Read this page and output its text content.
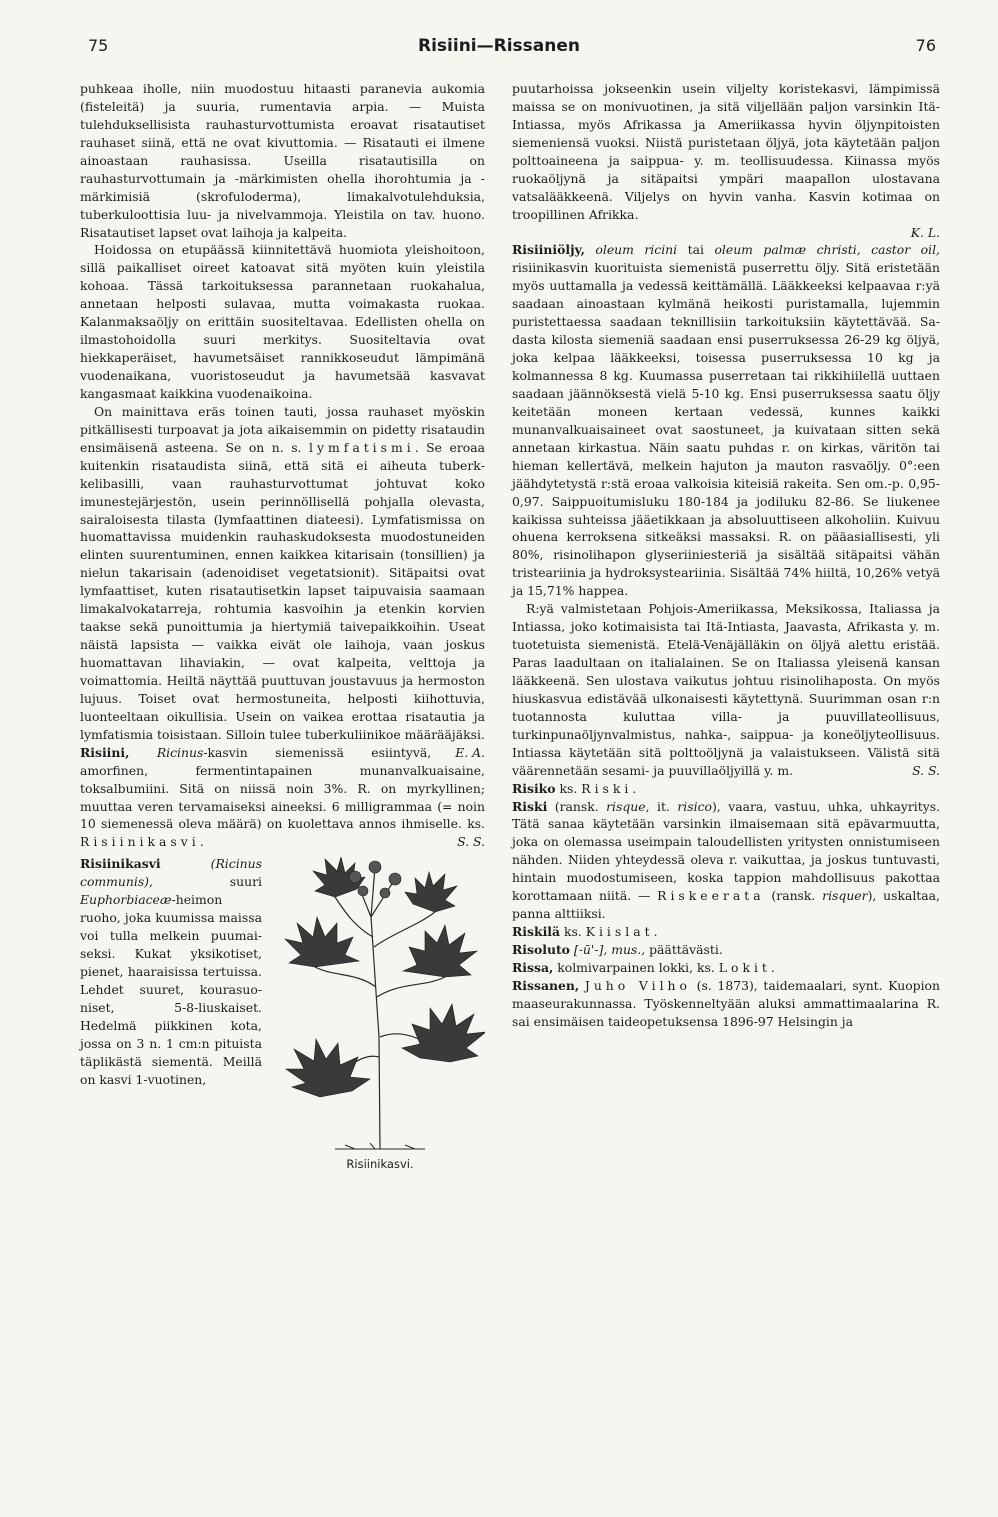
75	Risiini—Rissanen	76

puhkeaa iholle, niin muodostuu hitaasti paranevia aukomia (fisteleitä) ja suuria, rumentavia arpia. — Muista tulehduksellisista rauhasturvottumista eroavat risatautiset rauhaset siinä, että ne ovat kivuttomia. — Risatauti ei ilmene ainoastaan rauhasissa. Useilla risatautisilla on rauhasturvottumain ja -märkimisten ohella ihorohtumia ja -märkimisiä (skrofuloderma), limakalvotulehduksia, tuberkuloottisia luu- ja nivelvammoja. Yleistila on tav. huono. Risatautiset lapset ovat laihoja ja kalpeita.

Hoidossa on etupäässä kiinnitettävä huomiota yleishoitoon, sillä paikalliset oireet katoavat sitä myöten kuin yleistila kohoaa. Tässä tarkoituksessa parannetaan ruokahalua, annetaan helposti sulavaa, mutta voimakasta ruokaa. Kalanmaksaöljy on erittäin suositeltavaa. Edellisten ohella on ilmastohoidolla suuri merkitys. Suositeltavia ovat hiekkaperäiset, havumetsäiset rannikkoseudut lämpimänä vuodenaikana, vuoristoseudut ja havumetsää kasvavat kangasmaat kaikkina vuodenaikoina.

On mainittava eräs toinen tauti, jossa rauhaset myöskin pitkällisesti turpoavat ja jota aikaisemmin on pidetty risataudin ensimäisenä asteena. Se on n. s. lymfatismi. Se eroaa kuitenkin risataudista siinä, että sitä ei aiheuta tuberkkelibasilli, vaan rauhasturvottumat johtuvat koko imunestejärjestön, usein perinnöllisellä pohjalla olevasta, sairaloisesta tilasta (lymfaattinen diateesi). Lymfatismissa on huomattavissa muidenkin rauhaskudoksesta muodostuneiden elinten suurentuminen, ennen kaikkea kitarisain (tonsillien) ja nielun takarisain (adenoidiset vegetatsionit). Sitäpaitsi ovat lymfaattiset, kuten risatautisetkin lapset taipuvaisia saamaan limakalvokatarreja, rohtumia kasvoihin ja etenkin korvien taakse sekä punoittumia ja hiertymiä taivepaikkoihin. Useat näistä lapsista — vaikka eivät ole laihoja, vaan joskus huomattavan lihaviakin, — ovat kalpeita, velttoja ja voimattomia. Heiltä näyttää puuttuvan joustavuus ja hermoston lujuus. Toiset ovat hermostuneita, helposti kiihottuvia, luonteeltaan oikullisia. Usein on vaikea erottaa risatautia ja lymfatismia toisistaan. Silloin tulee tuberkuliinikoe määrääjäksi.
E. A.

Risiini, Ricinus-kasvin siemenissä esiintyvä, amorfinen, fermentintapainen munanvalkuaisaine, toksalbumiini. Sitä on niissä noin 3%. R. on myrkyllinen; muuttaa veren tervamaiseksi aineeksi. 6 milligrammaa (= noin 10 siemenessä oleva määrä) on kuolettava annos ihmiselle. ks. Risiinikasvi.	S. S.

Risiinikasvi	(Ricinus communis), suuri Euphorbiaceæ-heimon ruoho, joka kuumissa maissa voi tulla melkein puumaiseksi. Kukat yksikotiset, pienet, haaraisissa tertuissa. Lehdet suuret, kourasuoniset, 5-8-liuskaiset. Hedelmä piikkinen kota, jossa on 3 n. 1 cm:n pituista täplikästä siementä. Meillä on kasvi 1-vuotinen,
Risiinikasvi.

puutarhoissa jokseenkin usein viljelty koristekasvi, lämpimissä maissa se on monivuotinen, ja sitä viljellään paljon varsinkin Itä-Intiassa, myös Afrikassa ja Ameriikassa hyvin öljynpitoisten siemeniensä vuoksi. Niistä puristetaan öljyä, jota käytetään paljon polttoaineena ja saippua- y. m. teollisuudessa. Kiinassa myös ruokaöljynä ja sitäpaitsi ympäri maapallon ulostavana vatsalääkkeenä. Viljelys on hyvin vanha. Kasvin kotimaa on troopillinen Afrikka.

K. L.

Risiiniöljy, oleum ricini tai oleum palmæ christi, castor oil, risiinikasvin kuorituista siemenistä puserrettu öljy. Sitä eristetään myös uuttamalla ja vedessä keittämällä. Lääkkeeksi kelpaavaa r:yä saadaan ainoastaan kylmänä heikosti puristamalla, lujemmin puristettaessa saadaan teknillisiin tarkoituksiin käytettävää. Sadasta kilosta siemeniä saadaan ensi puserruksessa 26-29 kg öljyä, joka kelpaa lääkkeeksi, toisessa puserruksessa 10 kg ja kolmannessa 8 kg. Kuumassa puserretaan tai rikkihiilellä uuttaen saadaan jäännöksestä vielä 5-10 kg. Ensi puserruksessa saatu öljy keitetään moneen kertaan vedessä, kunnes kaikki munanvalkuaisaineet ovat saostuneet, ja kuivataan sitten sekä annetaan kirkastua. Näin saatu puhdas r. on kirkas, väritön tai hieman kellertävä, melkein hajuton ja mauton rasvaöljy. 0°:een jäähdytetystä r:stä eroaa valkoisia kiteisiä rakeita. Sen om.-p. 0,95-0,97. Saippuoitumisluku 180-184 ja jodiluku 82-86. Se liukenee kaikissa suhteissa jääetikkaan ja absoluuttiseen alkoholiin. Kuivuu ohuena kerroksena sitkeäksi massaksi. R. on pääasiallisesti, yli 80%, risinolihapon glyseriiniesteriä ja sisältää sitäpaitsi vähän tristeariinia ja hydroksysteariinia. Sisältää 74% hiiltä, 10,26% vetyä ja 15,71% happea.

R:yä valmistetaan Pohjois-Ameriikassa, Meksikossa, Italiassa ja Intiassa, joko kotimaisista tai Itä-Intiasta, Jaavasta, Afrikasta y. m. tuotetuista siemenistä. Etelä-Venäjälläkin on öljyä alettu eristää. Paras laadultaan on italialainen. Se on Italiassa yleisenä kansan lääkkeenä. Sen ulostava vaikutus johtuu risinolihaposta. On myös hiuskasvua edistävää ulkonaisesti käytettynä. Suurimman osan r:n tuotannosta kuluttaa villa- ja puuvillateollisuus, turkinpunaöljynvalmistus, nahka-, saippua- ja koneöljyteollisuus. Intiassa käytetään sitä polttoöljynä ja valaistukseen. Välistä sitä väärennetään sesami- ja puuvillaöljyillä y. m.	S. S.

Risiko ks. Riski.

Riski (ransk. risque, it. risico), vaara, vastuu, uhka, uhkayritys. Tätä sanaa käytetään varsinkin ilmaisemaan sitä epävarmuutta, joka on olemassa useimpain taloudellisten yritysten onnistumiseen nähden. Niiden yhteydessä oleva r. vaikuttaa, ja joskus tuntuvasti, hintain muodostumiseen, koska tappion mahdollisuus pakottaa korottamaan niitä. — Riskeerata (ransk. risquer), uskaltaa, panna alttiiksi.

Riskilä ks. Kiislat.

Risoluto [-ū'-], mus., päättävästi.

Rissa, kolmivarpainen lokki, ks. Lokit.

Rissanen, Juho Vilho (s. 1873), taidemaalari, synt. Kuopion maaseurakunnassa. Työskenneltyään aluksi ammattimaalarina R. sai ensimäisen taideopetuksensa 1896-97 Helsingin ja
